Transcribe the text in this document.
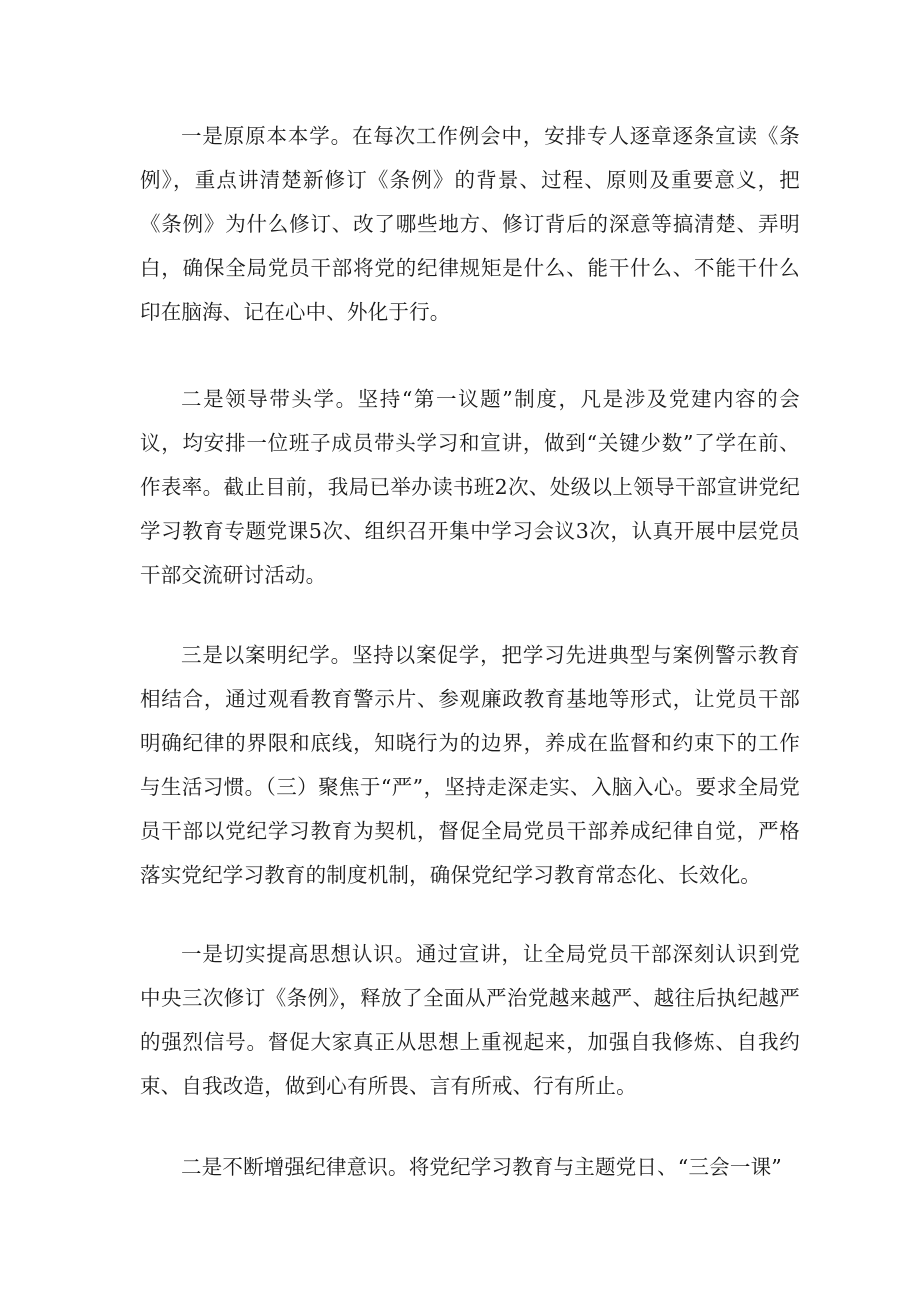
一是原原本本学。在每次工作例会中，安排专人逐章逐条宣读《条例》，重点讲清楚新修订《条例》的背景、过程、原则及重要意义，把《条例》为什么修订、改了哪些地方、修订背后的深意等搞清楚、弄明白，确保全局党员干部将党的纪律规矩是什么、能干什么、不能干什么印在脑海、记在心中、外化于行。

二是领导带头学。坚持“第一议题”制度，凡是涉及党建内容的会议，均安排一位班子成员带头学习和宣讲，做到“关键少数”了学在前、作表率。截止目前，我局已举办读书班2次、处级以上领导干部宣讲党纪学习教育专题党课5次、组织召开集中学习会议3次，认真开展中层党员干部交流研讨活动。

三是以案明纪学。坚持以案促学，把学习先进典型与案例警示教育相结合，通过观看教育警示片、参观廉政教育基地等形式，让党员干部明确纪律的界限和底线，知晓行为的边界，养成在监督和约束下的工作与生活习惯。（三）聚焦于“严”，坚持走深走实、入脑入心。要求全局党员干部以党纪学习教育为契机，督促全局党员干部养成纪律自觉，严格落实党纪学习教育的制度机制，确保党纪学习教育常态化、长效化。

一是切实提高思想认识。通过宣讲，让全局党员干部深刻认识到党中央三次修订《条例》，释放了全面从严治党越来越严、越往后执纪越严的强烈信号。督促大家真正从思想上重视起来，加强自我修炼、自我约束、自我改造，做到心有所畏、言有所戒、行有所止。

二是不断增强纪律意识。将党纪学习教育与主题党日、“三会一课”
